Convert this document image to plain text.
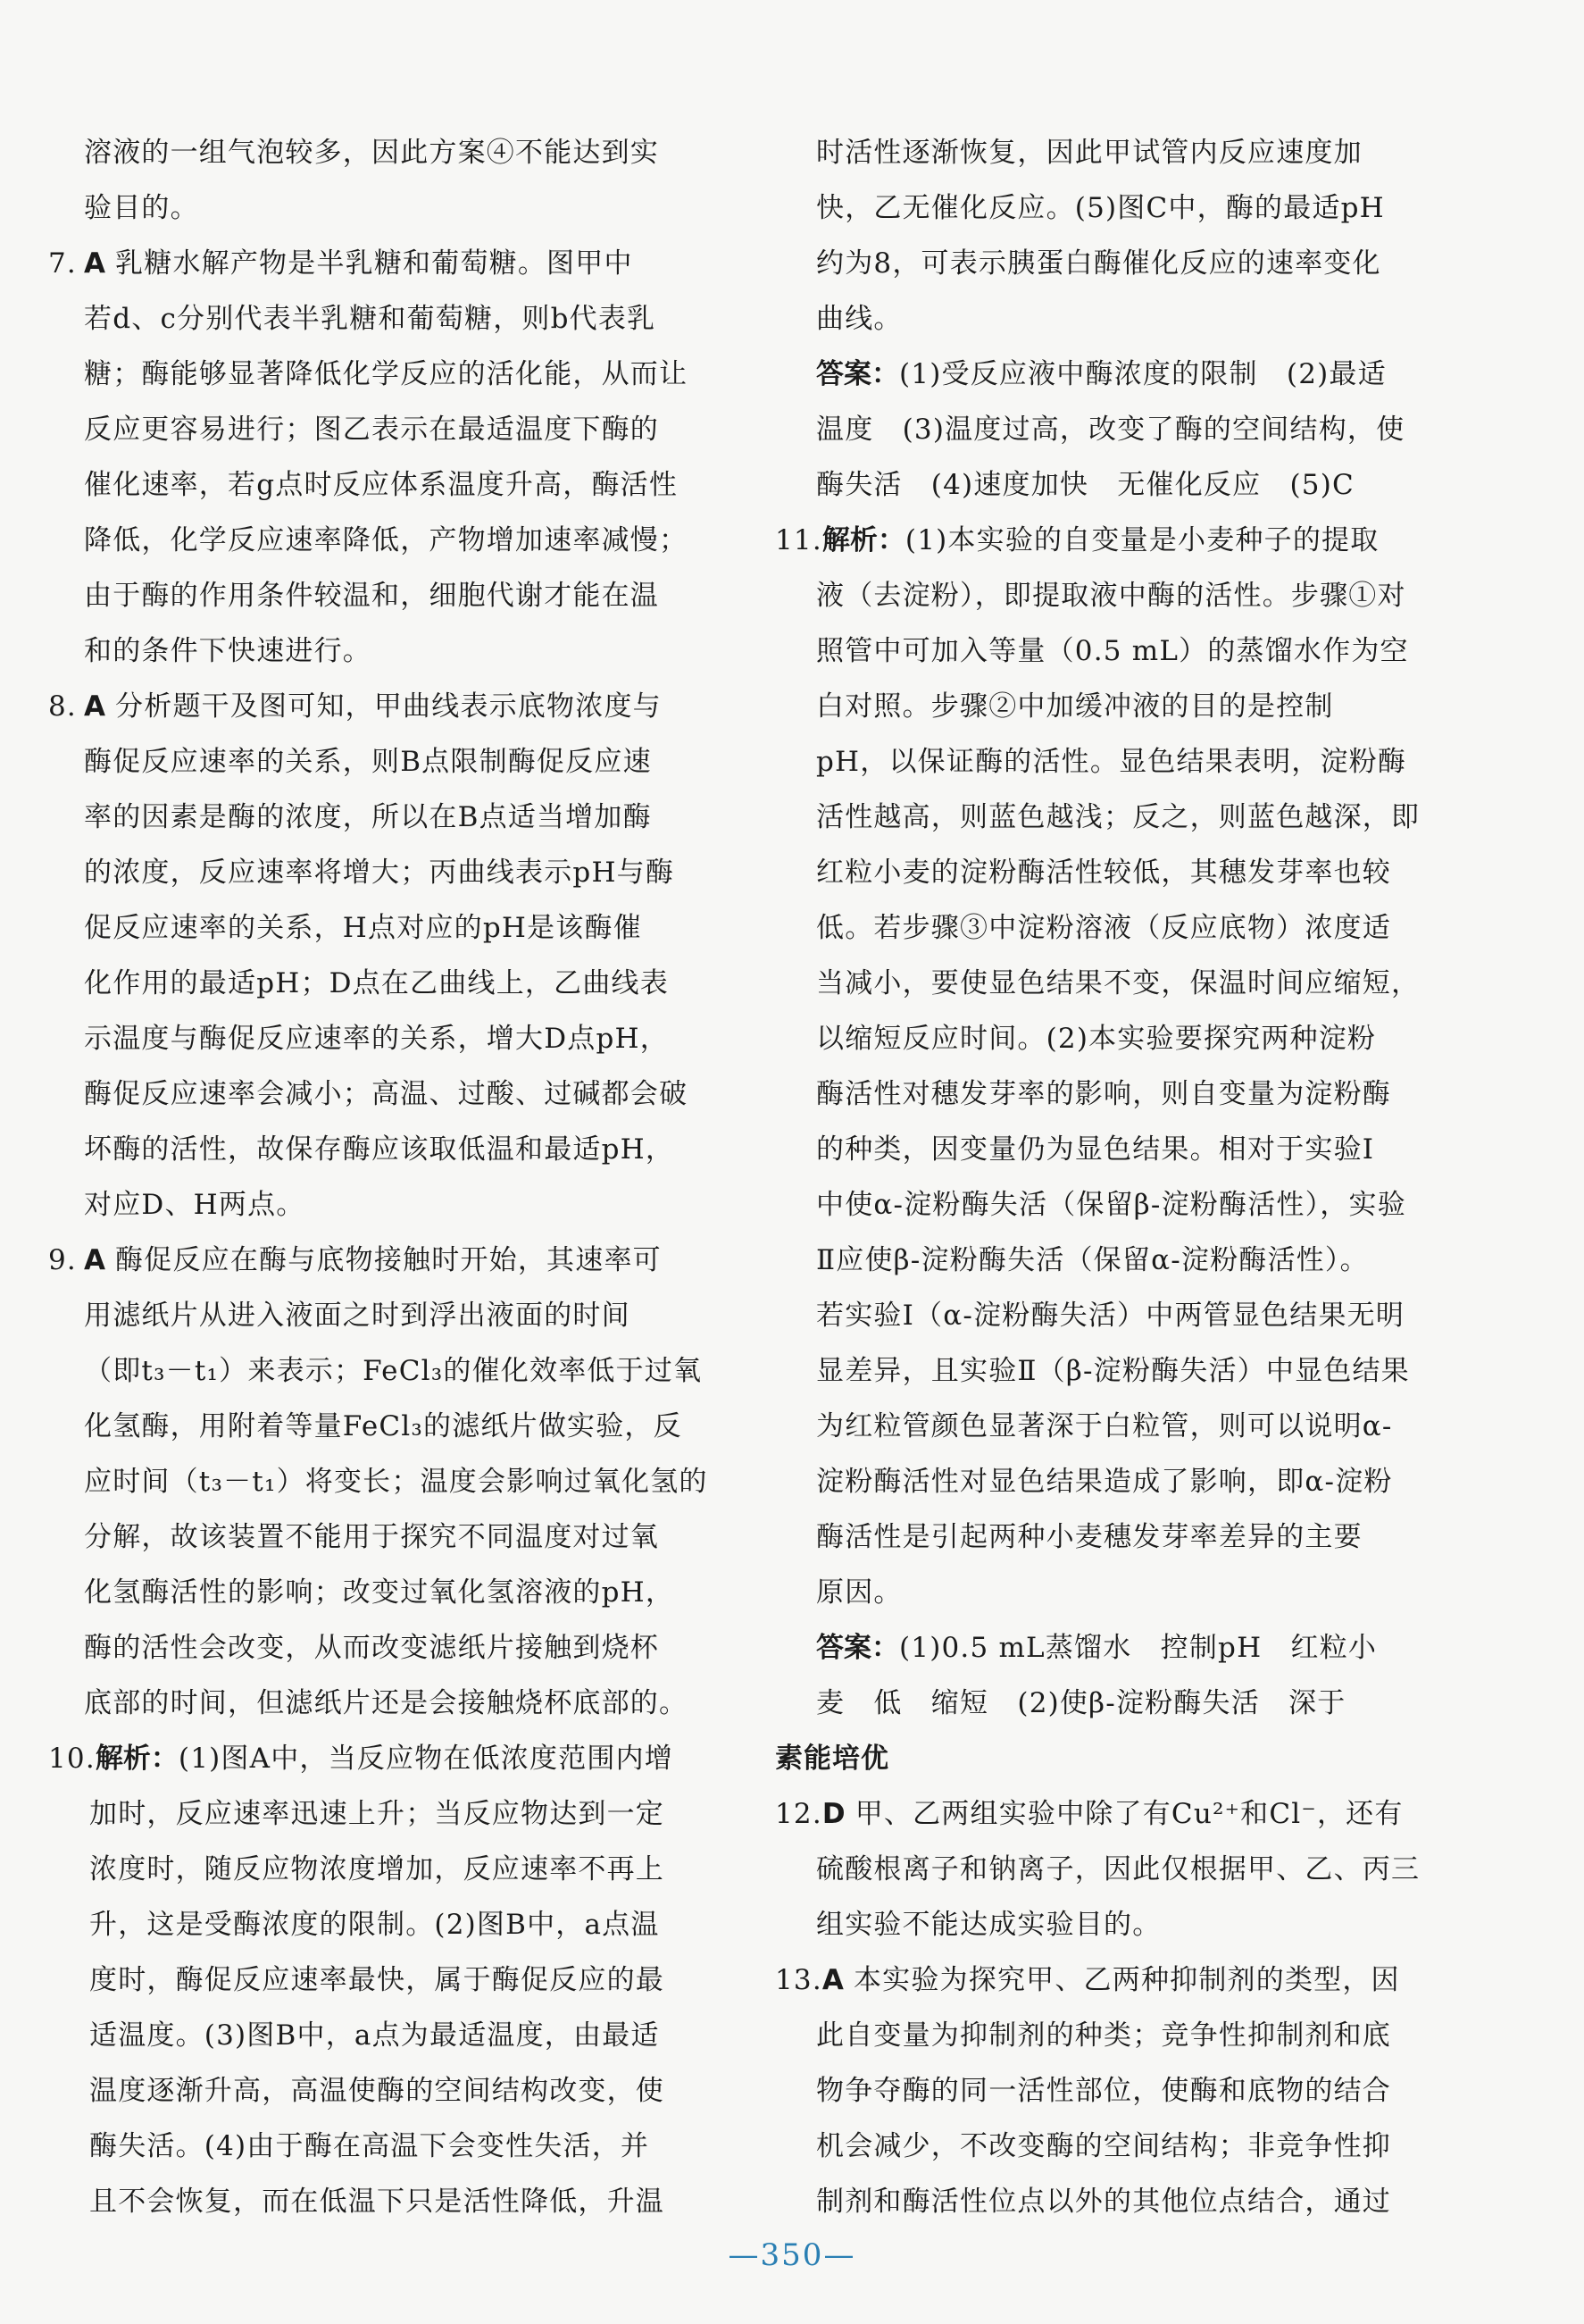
溶液的一组气泡较多，因此方案④不能达到实
验目的。
7. A 乳糖水解产物是半乳糖和葡萄糖。图甲中
若d、c分别代表半乳糖和葡萄糖，则b代表乳
糖；酶能够显著降低化学反应的活化能，从而让
反应更容易进行；图乙表示在最适温度下酶的
催化速率，若g点时反应体系温度升高，酶活性
降低，化学反应速率降低，产物增加速率减慢；
由于酶的作用条件较温和，细胞代谢才能在温
和的条件下快速进行。
8. A 分析题干及图可知，甲曲线表示底物浓度与
酶促反应速率的关系，则B点限制酶促反应速
率的因素是酶的浓度，所以在B点适当增加酶
的浓度，反应速率将增大；丙曲线表示pH与酶
促反应速率的关系，H点对应的pH是该酶催
化作用的最适pH；D点在乙曲线上，乙曲线表
示温度与酶促反应速率的关系，增大D点pH，
酶促反应速率会减小；高温、过酸、过碱都会破
坏酶的活性，故保存酶应该取低温和最适pH，
对应D、H两点。
9. A 酶促反应在酶与底物接触时开始，其速率可
用滤纸片从进入液面之时到浮出液面的时间
（即t₃－t₁）来表示；FeCl₃的催化效率低于过氧
化氢酶，用附着等量FeCl₃的滤纸片做实验，反
应时间（t₃－t₁）将变长；温度会影响过氧化氢的
分解，故该装置不能用于探究不同温度对过氧
化氢酶活性的影响；改变过氧化氢溶液的pH，
酶的活性会改变，从而改变滤纸片接触到烧杯
底部的时间，但滤纸片还是会接触烧杯底部的。
10.解析：(1)图A中，当反应物在低浓度范围内增
加时，反应速率迅速上升；当反应物达到一定
浓度时，随反应物浓度增加，反应速率不再上
升，这是受酶浓度的限制。(2)图B中，a点温
度时，酶促反应速率最快，属于酶促反应的最
适温度。(3)图B中，a点为最适温度，由最适
温度逐渐升高，高温使酶的空间结构改变，使
酶失活。(4)由于酶在高温下会变性失活，并
且不会恢复，而在低温下只是活性降低，升温
时活性逐渐恢复，因此甲试管内反应速度加
快，乙无催化反应。(5)图C中，酶的最适pH
约为8，可表示胰蛋白酶催化反应的速率变化
曲线。
答案：(1)受反应液中酶浓度的限制　(2)最适
温度　(3)温度过高，改变了酶的空间结构，使
酶失活　(4)速度加快　无催化反应　(5)C
11.解析：(1)本实验的自变量是小麦种子的提取
液（去淀粉），即提取液中酶的活性。步骤①对
照管中可加入等量（0.5 mL）的蒸馏水作为空
白对照。步骤②中加缓冲液的目的是控制
pH，以保证酶的活性。显色结果表明，淀粉酶
活性越高，则蓝色越浅；反之，则蓝色越深，即
红粒小麦的淀粉酶活性较低，其穗发芽率也较
低。若步骤③中淀粉溶液（反应底物）浓度适
当减小，要使显色结果不变，保温时间应缩短，
以缩短反应时间。(2)本实验要探究两种淀粉
酶活性对穗发芽率的影响，则自变量为淀粉酶
的种类，因变量仍为显色结果。相对于实验Ⅰ
中使α-淀粉酶失活（保留β-淀粉酶活性），实验
Ⅱ应使β-淀粉酶失活（保留α-淀粉酶活性）。
若实验Ⅰ（α-淀粉酶失活）中两管显色结果无明
显差异，且实验Ⅱ（β-淀粉酶失活）中显色结果
为红粒管颜色显著深于白粒管，则可以说明α-
淀粉酶活性对显色结果造成了影响，即α-淀粉
酶活性是引起两种小麦穗发芽率差异的主要
原因。
答案：(1)0.5 mL蒸馏水　控制pH　红粒小
麦　低　缩短　(2)使β-淀粉酶失活　深于
素能培优
12.D 甲、乙两组实验中除了有Cu²⁺和Cl⁻，还有
硫酸根离子和钠离子，因此仅根据甲、乙、丙三
组实验不能达成实验目的。
13.A 本实验为探究甲、乙两种抑制剂的类型，因
此自变量为抑制剂的种类；竞争性抑制剂和底
物争夺酶的同一活性部位，使酶和底物的结合
机会减少，不改变酶的空间结构；非竞争性抑
制剂和酶活性位点以外的其他位点结合，通过
—350—
